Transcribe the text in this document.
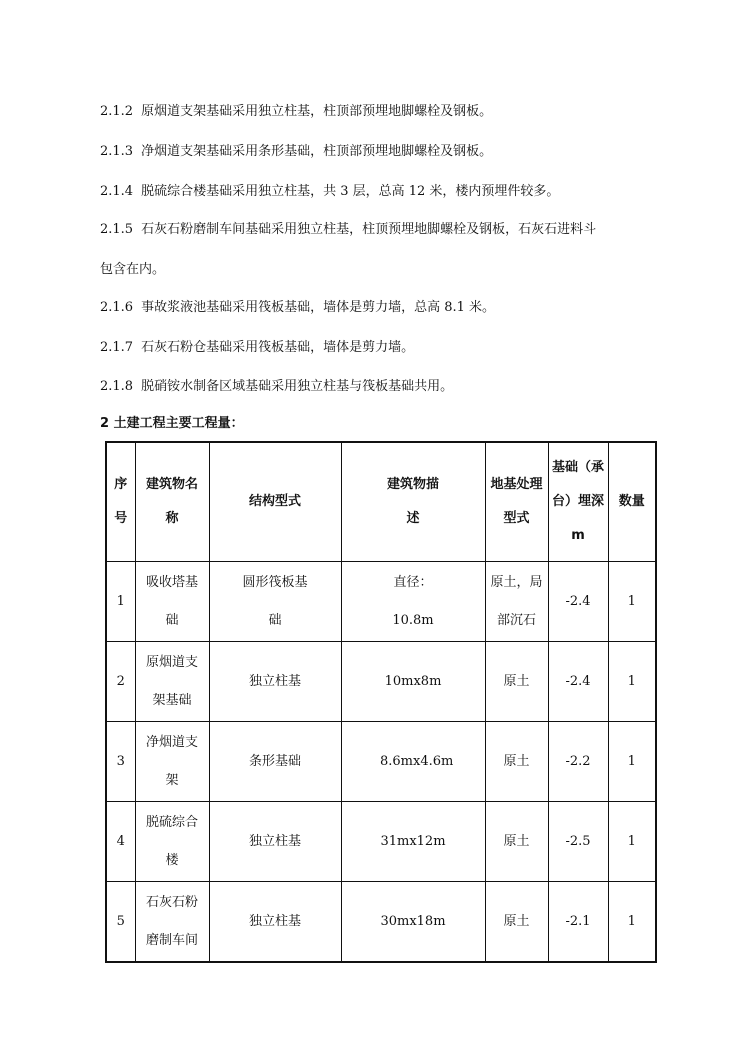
2.1.2 原烟道支架基础采用独立柱基，柱顶部预埋地脚螺栓及钢板。
2.1.3 净烟道支架基础采用条形基础，柱顶部预埋地脚螺栓及钢板。
2.1.4 脱硫综合楼基础采用独立柱基，共 3 层，总高 12 米，楼内预埋件较多。
2.1.5 石灰石粉磨制车间基础采用独立柱基，柱顶预埋地脚螺栓及钢板，石灰石进料斗
包含在内。
2.1.6 事故浆液池基础采用筏板基础，墙体是剪力墙，总高 8.1 米。
2.1.7 石灰石粉仓基础采用筏板基础，墙体是剪力墙。
2.1.8 脱硝铵水制备区域基础采用独立柱基与筏板基础共用。
2 土建工程主要工程量：
序号	建筑物名称	结构型式	建筑物描述	地基处理型式	基础（承台）埋深m	数量
1	吸收塔基础	圆形筏板基础	直径：10.8m	原土，局部沉石	-2.4	1
2	原烟道支架基础	独立柱基	10mx8m	原土	-2.4	1
3	净烟道支架	条形基础	8.6mx4.6m	原土	-2.2	1
4	脱硫综合楼	独立柱基	31mx12m	原土	-2.5	1
5	石灰石粉磨制车间	独立柱基	30mx18m	原土	-2.1	1
